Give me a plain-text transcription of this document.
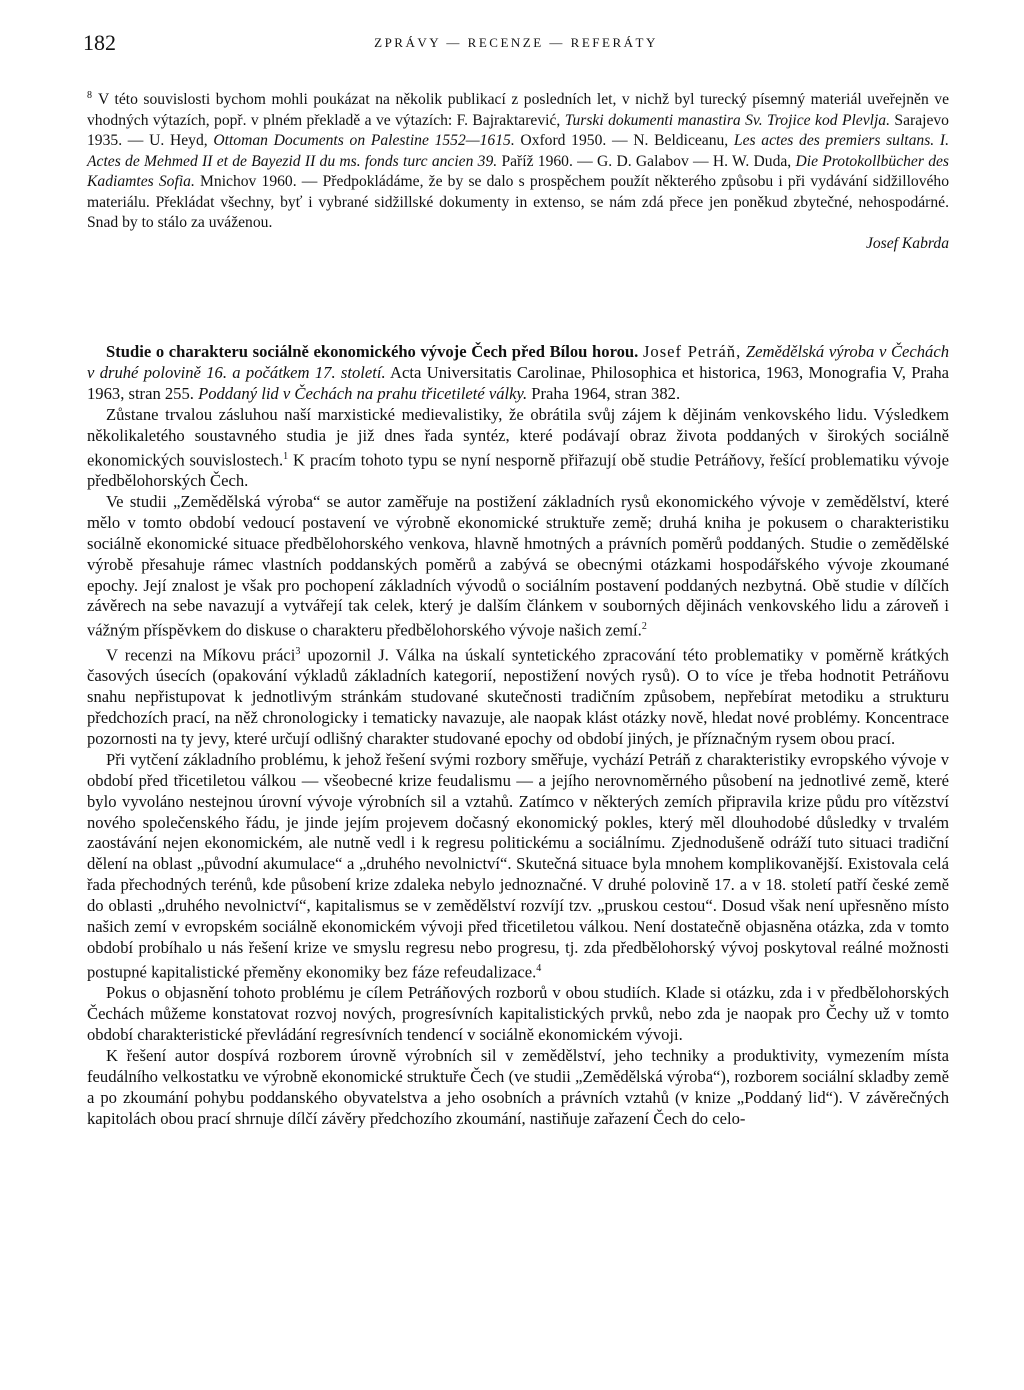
182	ZPRÁVY — RECENZE — REFERÁTY
$^8$ V této souvislosti bychom mohli poukázat na několik publikací z posledních let, v nichž byl turecký písemný materiál uveřejněn ve vhodných výtazích, popř. v plném překladě a ve výtazích: F. Bajraktarević, Turski dokumenti manastira Sv. Trojice kod Plevlja. Sarajevo 1935. — U. Heyd, Ottoman Documents on Palestine 1552—1615. Oxford 1950. — N. Beldiceanu, Les actes des premiers sultans. I. Actes de Mehmed II et de Bayezid II du ms. fonds turc ancien 39. Paříž 1960. — G. D. Galabov — H. W. Duda, Die Protokollbücher des Kadiamtes Sofia. Mnichov 1960. — Předpokládáme, že by se dalo s prospěchem použít některého způsobu i při vydávání sidžillového materiálu. Překládat všechny, byť i vybrané sidžillské dokumenty in extenso, se nám zdá přece jen poněkud zbytečné, nehospodárné. Snad by to stálo za uváženou.
Josef Kabrda

Studie o charakteru sociálně ekonomického vývoje Čech před Bílou horou. Josef Petráň, Zemědělská výroba v Čechách v druhé polovině 16. a počátkem 17. století. Acta Universitatis Carolinae, Philosophica et historica, 1963, Monografia V, Praha 1963, stran 255. Poddaný lid v Čechách na prahu třicetileté války. Praha 1964, stran 382.

Zůstane trvalou zásluhou naší marxistické medievalistiky, že obrátila svůj zájem k dějinám venkovského lidu. Výsledkem několikaletého soustavného studia je již dnes řada syntéz, které podávají obraz života poddaných v širokých sociálně ekonomických souvislostech.$^1$ K pracím tohoto typu se nyní nesporně přiřazují obě studie Petráňovy, řešící problematiku vývoje předbělohorských Čech.

Ve studii „Zemědělská výroba“ se autor zaměřuje na postižení základních rysů ekonomického vývoje v zemědělství, které mělo v tomto období vedoucí postavení ve výrobně ekonomické struktuře země; druhá kniha je pokusem o charakteristiku sociálně ekonomické situace předbělohorského venkova, hlavně hmotných a právních poměrů poddaných. Studie o zemědělské výrobě přesahuje rámec vlastních poddanských poměrů a zabývá se obecnými otázkami hospodářského vývoje zkoumané epochy. Její znalost je však pro pochopení základních vývodů o sociálním postavení poddaných nezbytná. Obě studie v dílčích závěrech na sebe navazují a vytvářejí tak celek, který je dalším článkem v souborných dějinách venkovského lidu a zároveň i vážným příspěvkem do diskuse o charakteru předbělohorského vývoje našich zemí.$^2$

V recenzi na Míkovu práci$^3$ upozornil J. Válka na úskalí syntetického zpracování této problematiky v poměrně krátkých časových úsecích (opakování výkladů základních kategorií, nepostižení nových rysů). O to více je třeba hodnotit Petráňovu snahu nepřistupovat k jednotlivým stránkám studované skutečnosti tradičním způsobem, nepřebírat metodiku a strukturu předchozích prací, na něž chronologicky i tematicky navazuje, ale naopak klást otázky nově, hledat nové problémy. Koncentrace pozornosti na ty jevy, které určují odlišný charakter studované epochy od období jiných, je příznačným rysem obou prací.

Při vytčení základního problému, k jehož řešení svými rozbory směřuje, vychází Petráň z charakteristiky evropského vývoje v období před třicetiletou válkou — všeobecné krize feudalismu — a jejího nerovnoměrného působení na jednotlivé země, které bylo vyvoláno nestejnou úrovní vývoje výrobních sil a vztahů. Zatímco v některých zemích připravila krize půdu pro vítězství nového společenského řádu, je jinde jejím projevem dočasný ekonomický pokles, který měl dlouhodobé důsledky v trvalém zaostávání nejen ekonomickém, ale nutně vedl i k regresu politickému a sociálnímu. Zjednodušeně odráží tuto situaci tradiční dělení na oblast „původní akumulace“ a „druhého nevolnictví“. Skutečná situace byla mnohem komplikovanější. Existovala celá řada přechodných terénů, kde působení krize zdaleka nebylo jednoznačné. V druhé polovině 17. a v 18. století patří české země do oblasti „druhého nevolnictví“, kapitalismus se v zemědělství rozvíjí tzv. „pruskou cestou“. Dosud však není upřesněno místo našich zemí v evropském sociálně ekonomickém vývoji před třicetiletou válkou. Není dostatečně objasněna otázka, zda v tomto období probíhalo u nás řešení krize ve smyslu regresu nebo progresu, tj. zda předbělohorský vývoj poskytoval reálné možnosti postupné kapitalistické přeměny ekonomiky bez fáze refeudalizace.$^4$

Pokus o objasnění tohoto problému je cílem Petráňových rozborů v obou studiích. Klade si otázku, zda i v předbělohorských Čechách můžeme konstatovat rozvoj nových, progresívních kapitalistických prvků, nebo zda je naopak pro Čechy už v tomto období charakteristické převládání regresívních tendencí v sociálně ekonomickém vývoji.

K řešení autor dospívá rozborem úrovně výrobních sil v zemědělství, jeho techniky a produktivity, vymezením místa feudálního velkostatku ve výrobně ekonomické struktuře Čech (ve studii „Zemědělská výroba“), rozborem sociální skladby země a po zkoumání pohybu poddanského obyvatelstva a jeho osobních a právních vztahů (v knize „Poddaný lid“). V závěrečných kapitolách obou prací shrnuje dílčí závěry předchozího zkoumání, nastiňuje zařazení Čech do celo-
